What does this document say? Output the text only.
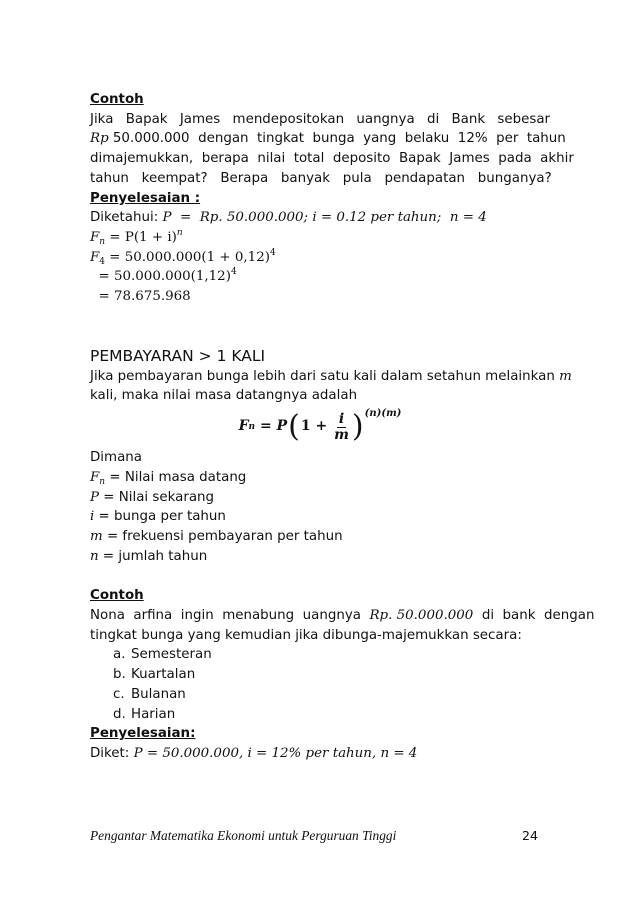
Contoh
Jika Bapak James mendepositokan uangnya di Bank sebesar
Rp 50.000.000  dengan  tingkat  bunga  yang  belaku  12%  per  tahun
dimajemukkan,  berapa  nilai  total  deposito  Bapak  James  pada  akhir
tahun   keempat?   Berapa   banyak   pula   pendapatan   bunganya?
Penyelesaian :
Diketahui: P  =  Rp. 50.000.000; i = 0.12 per tahun;  n = 4
$F_n = P(1 + i)^n$
$F_4 = 50.000.000(1 + 0,12)^4$
= $50.000.000(1,12)^4$
= 78.675.968
PEMBAYARAN > 1 KALI
Jika pembayaran bunga lebih dari satu kali dalam setahun melainkan m
kali, maka nilai masa datangnya adalah
F n = P ( $1 + \frac{i}{m}$ ) (n)(m)
Dimana
$F_n$ = Nilai masa datang
P = Nilai sekarang
i = bunga per tahun
m = frekuensi pembayaran per tahun
n = jumlah tahun
Contoh
Nona  arfina  ingin  menabung  uangnya  Rp. 50.000.000  di  bank  dengan
tingkat bunga yang kemudian jika dibunga-majemukkan secara:
a. Semesteran
b. Kuartalan
c. Bulanan
d. Harian
Penyelesaian:
Diket: P = 50.000.000, i = 12% per tahun, n = 4
Pengantar Matematika Ekonomi untuk Perguruan Tinggi	24
